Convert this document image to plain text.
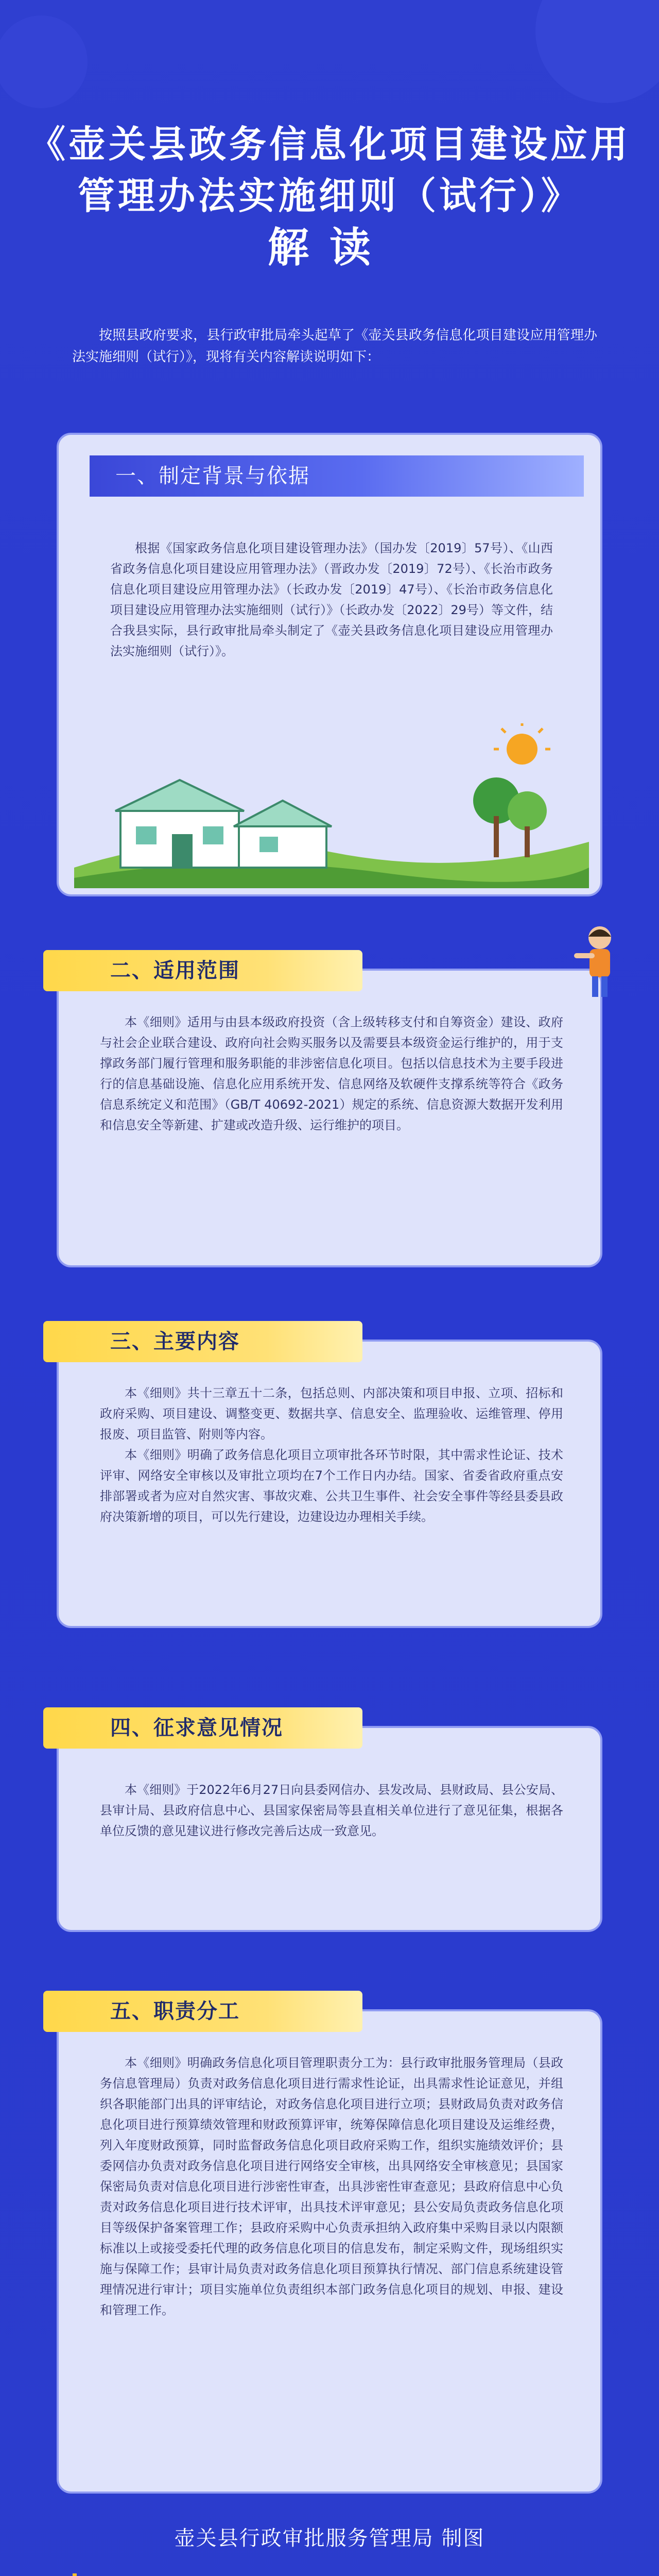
《壶关县政务信息化项目建设应用
管理办法实施细则（试行）》
解读
按照县政府要求，县行政审批局牵头起草了《壶关县政务信息化项目建设应用管理办法实施细则（试行）》，现将有关内容解读说明如下：
一、制定背景与依据
根据《国家政务信息化项目建设管理办法》（国办发〔2019〕57号）、《山西省政务信息化项目建设应用管理办法》（晋政办发〔2019〕72号）、《长治市政务信息化项目建设应用管理办法》（长政办发〔2019〕47号）、《长治市政务信息化项目建设应用管理办法实施细则（试行）》（长政办发〔2022〕29号）等文件，结合我县实际，县行政审批局牵头制定了《壶关县政务信息化项目建设应用管理办法实施细则（试行）》。
二、适用范围
本《细则》适用与由县本级政府投资（含上级转移支付和自筹资金）建设、政府与社会企业联合建设、政府向社会购买服务以及需要县本级资金运行维护的，用于支撑政务部门履行管理和服务职能的非涉密信息化项目。包括以信息技术为主要手段进行的信息基础设施、信息化应用系统开发、信息网络及软硬件支撑系统等符合《政务信息系统定义和范围》（GB/T 40692-2021）规定的系统、信息资源大数据开发利用和信息安全等新建、扩建或改造升级、运行维护的项目。
三、主要内容
本《细则》共十三章五十二条，包括总则、内部决策和项目申报、立项、招标和政府采购、项目建设、调整变更、数据共享、信息安全、监理验收、运维管理、停用报废、项目监管、附则等内容。
本《细则》明确了政务信息化项目立项审批各环节时限，其中需求性论证、技术评审、网络安全审核以及审批立项均在7个工作日内办结。国家、省委省政府重点安排部署或者为应对自然灾害、事故灾难、公共卫生事件、社会安全事件等经县委县政府决策新增的项目，可以先行建设，边建设边办理相关手续。
四、征求意见情况
本《细则》于2022年6月27日向县委网信办、县发改局、县财政局、县公安局、县审计局、县政府信息中心、县国家保密局等县直相关单位进行了意见征集，根据各单位反馈的意见建议进行修改完善后达成一致意见。
五、职责分工
本《细则》明确政务信息化项目管理职责分工为：县行政审批服务管理局（县政务信息管理局）负责对政务信息化项目进行需求性论证，出具需求性论证意见，并组织各职能部门出具的评审结论，对政务信息化项目进行立项；县财政局负责对政务信息化项目进行预算绩效管理和财政预算评审，统筹保障信息化项目建设及运维经费，列入年度财政预算，同时监督政务信息化项目政府采购工作，组织实施绩效评价；县委网信办负责对政务信息化项目进行网络安全审核，出具网络安全审核意见；县国家保密局负责对信息化项目进行涉密性审查，出具涉密性审查意见；县政府信息中心负责对政务信息化项目进行技术评审，出具技术评审意见；县公安局负责政务信息化项目等级保护备案管理工作；县政府采购中心负责承担纳入政府集中采购目录以内限额标准以上或接受委托代理的政务信息化项目的信息发布，制定采购文件，现场组织实施与保障工作；县审计局负责对政务信息化项目预算执行情况、部门信息系统建设管理情况进行审计；项目实施单位负责组织本部门政务信息化项目的规划、申报、建设和管理工作。
壶关县行政审批服务管理局 制图
